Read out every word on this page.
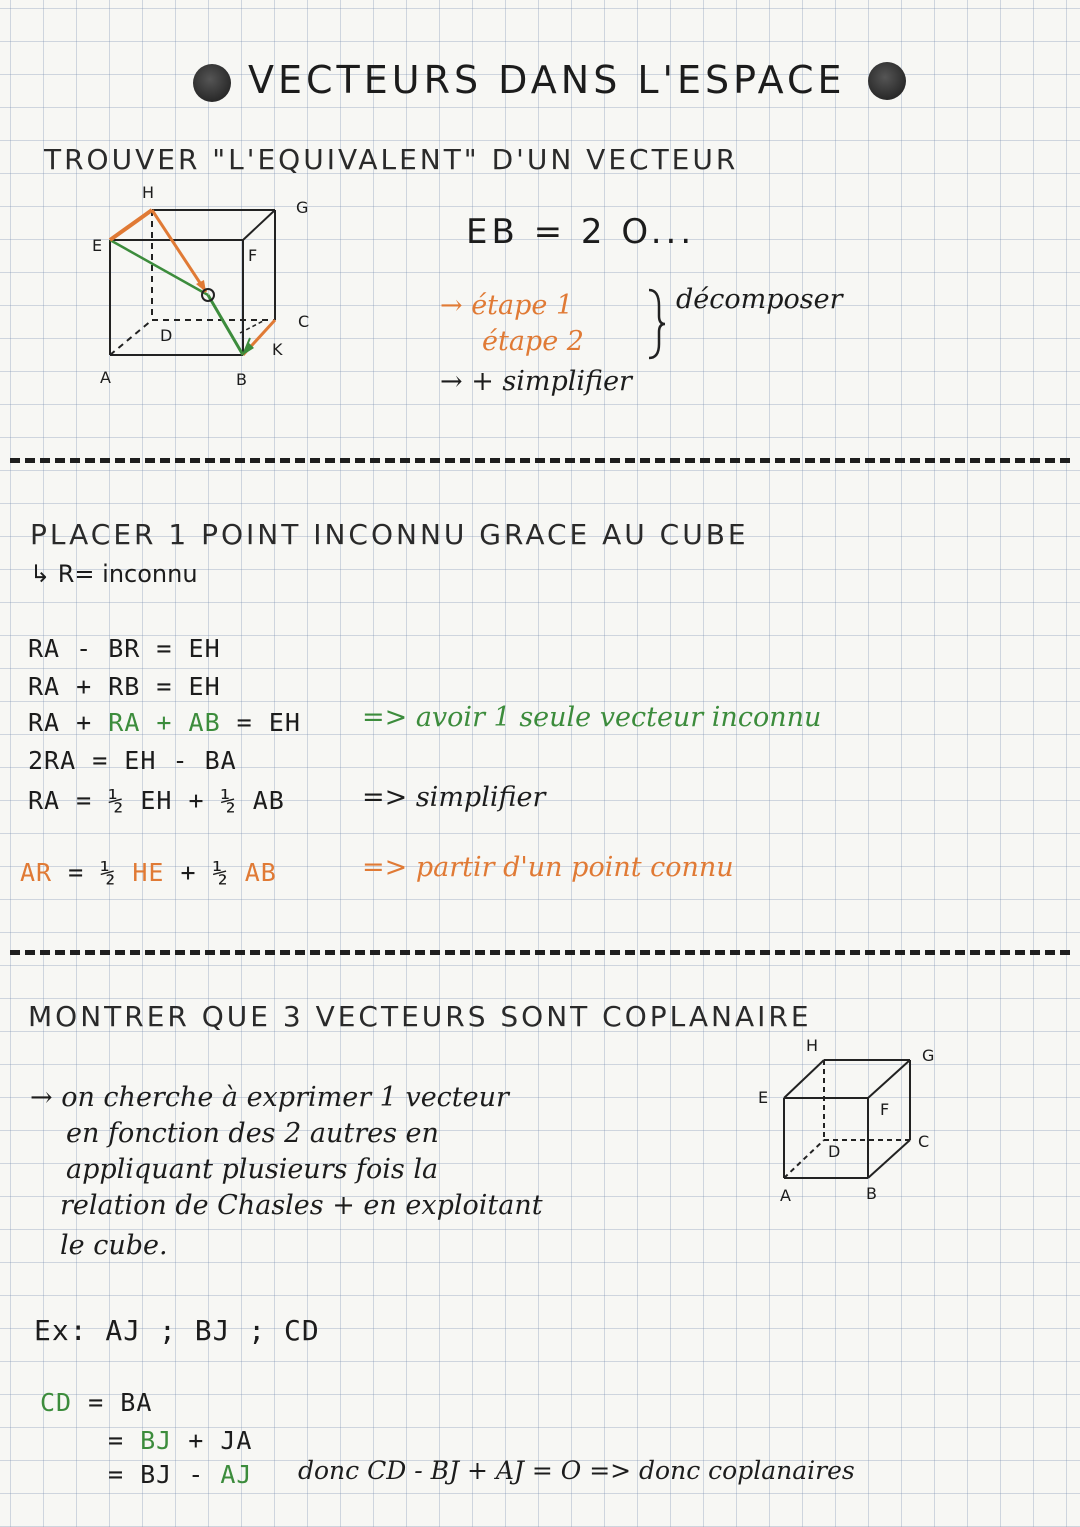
VECTEURS DANS L'ESPACE
TROUVER "L'EQUIVALENT" D'UN VECTEUR
H
G
E
F
D
C
K
A	B
EB = 2 O...
→ étape 1
étape 2
décomposer
→ + simplifier
PLACER 1 POINT INCONNU GRACE AU CUBE
↳ R= inconnu
RA - BR = EH
RA + RB = EH
RA + RA + AB = EH
2RA = EH - BA
RA = ½ EH + ½ AB
=> avoir 1 seule vecteur inconnu
=> simplifier
AR = ½ HE + ½ AB	=> partir d'un point connu
MONTRER QUE 3 VECTEURS SONT COPLANAIRE
→ on cherche à exprimer 1 vecteur
en fonction des 2 autres en
appliquant plusieurs fois la
relation de Chasles + en exploitant
le cube.
H
G
E
F
D
C
A	B
Ex: AJ ; BJ ; CD
CD = BA
= BJ + JA
= BJ - AJ donc CD - BJ + AJ = O => donc coplanaires
